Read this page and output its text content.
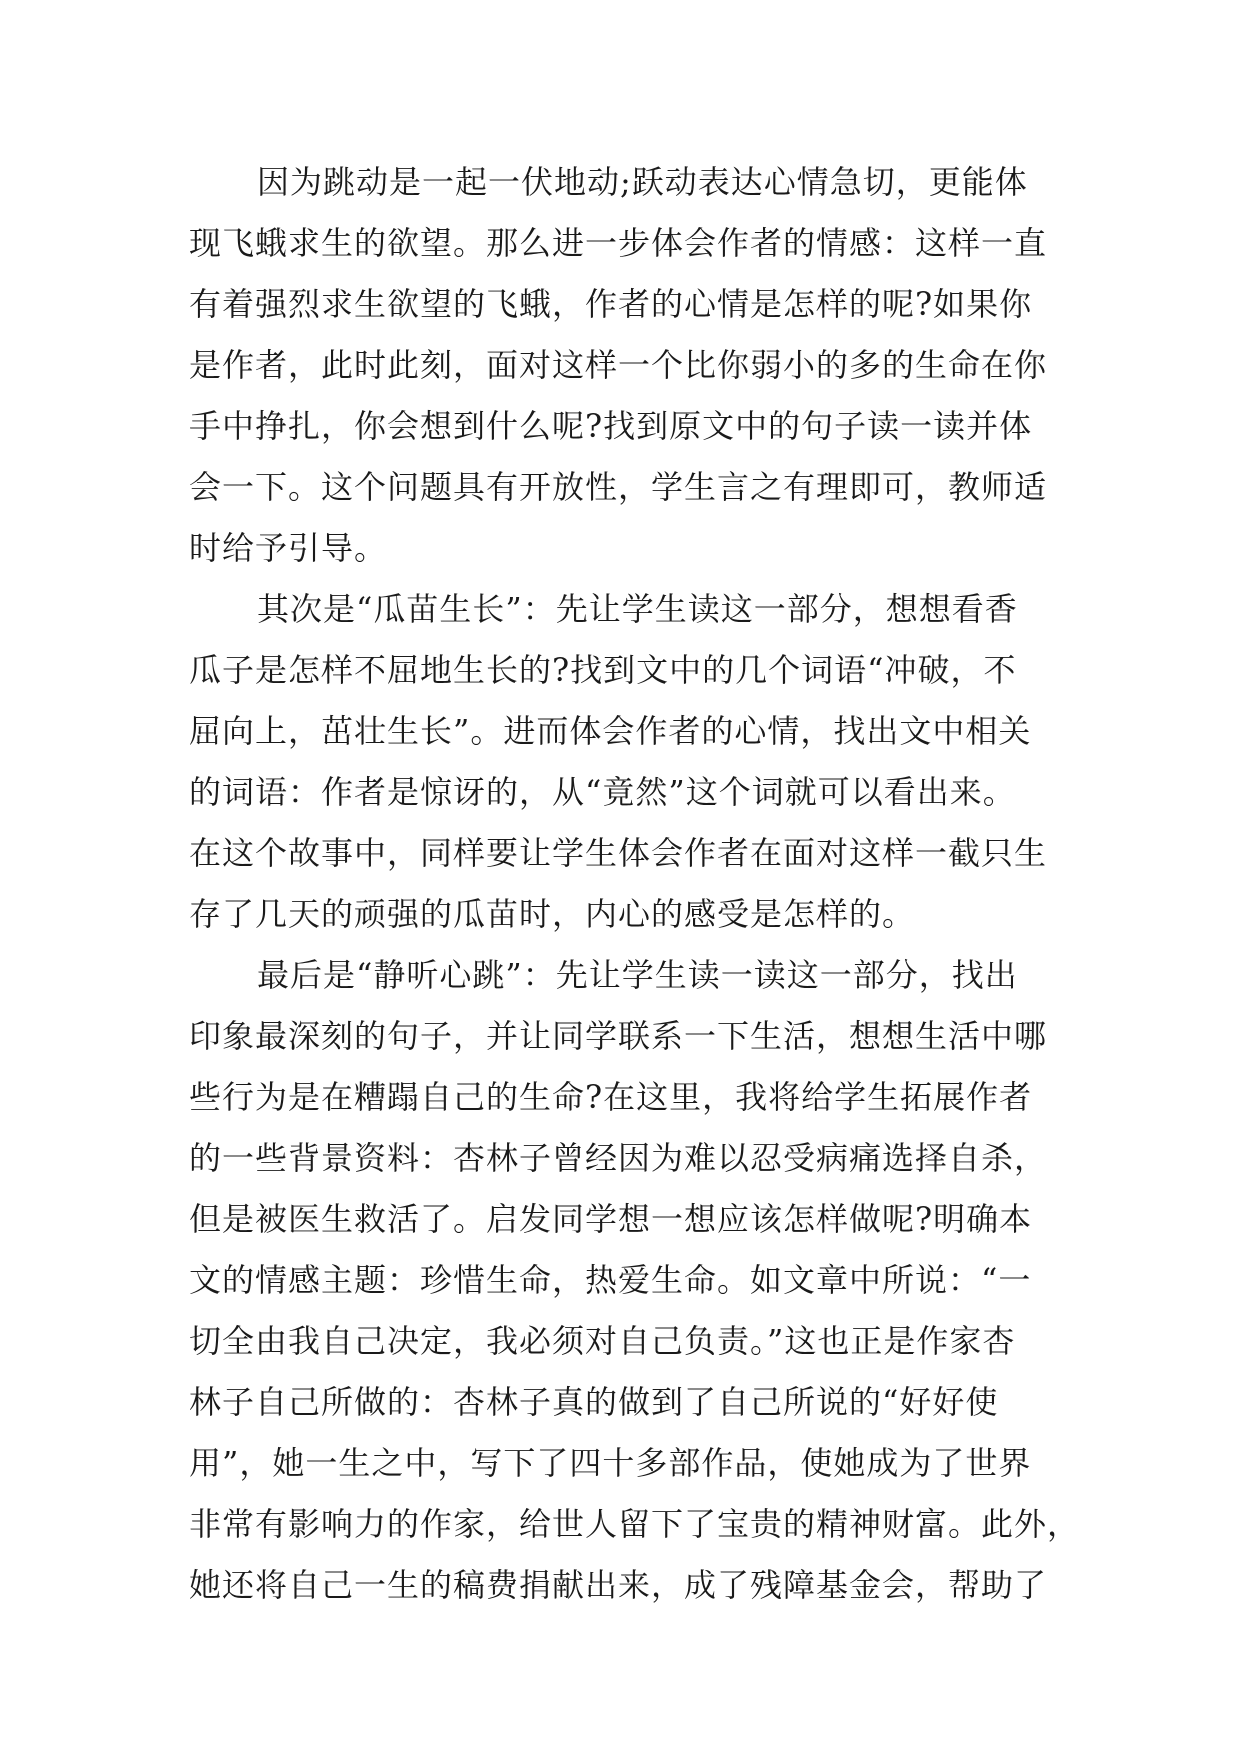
因为跳动是一起一伏地动;跃动表达心情急切，更能体
现飞蛾求生的欲望。那么进一步体会作者的情感：这样一直
有着强烈求生欲望的飞蛾，作者的心情是怎样的呢?如果你
是作者，此时此刻，面对这样一个比你弱小的多的生命在你
手中挣扎，你会想到什么呢?找到原文中的句子读一读并体
会一下。这个问题具有开放性，学生言之有理即可，教师适
时给予引导。
其次是“瓜苗生长”：先让学生读这一部分，想想看香
瓜子是怎样不屈地生长的?找到文中的几个词语“冲破，不
屈向上，茁壮生长”。进而体会作者的心情，找出文中相关
的词语：作者是惊讶的，从“竟然”这个词就可以看出来。
在这个故事中，同样要让学生体会作者在面对这样一截只生
存了几天的顽强的瓜苗时，内心的感受是怎样的。
最后是“静听心跳”：先让学生读一读这一部分，找出
印象最深刻的句子，并让同学联系一下生活，想想生活中哪
些行为是在糟蹋自己的生命?在这里，我将给学生拓展作者
的一些背景资料：杏林子曾经因为难以忍受病痛选择自杀，
但是被医生救活了。启发同学想一想应该怎样做呢?明确本
文的情感主题：珍惜生命，热爱生命。如文章中所说：“一
切全由我自己决定，我必须对自己负责。”这也正是作家杏
林子自己所做的：杏林子真的做到了自己所说的“好好使
用”，她一生之中，写下了四十多部作品，使她成为了世界
非常有影响力的作家，给世人留下了宝贵的精神财富。此外，
她还将自己一生的稿费捐献出来，成了残障基金会，帮助了
